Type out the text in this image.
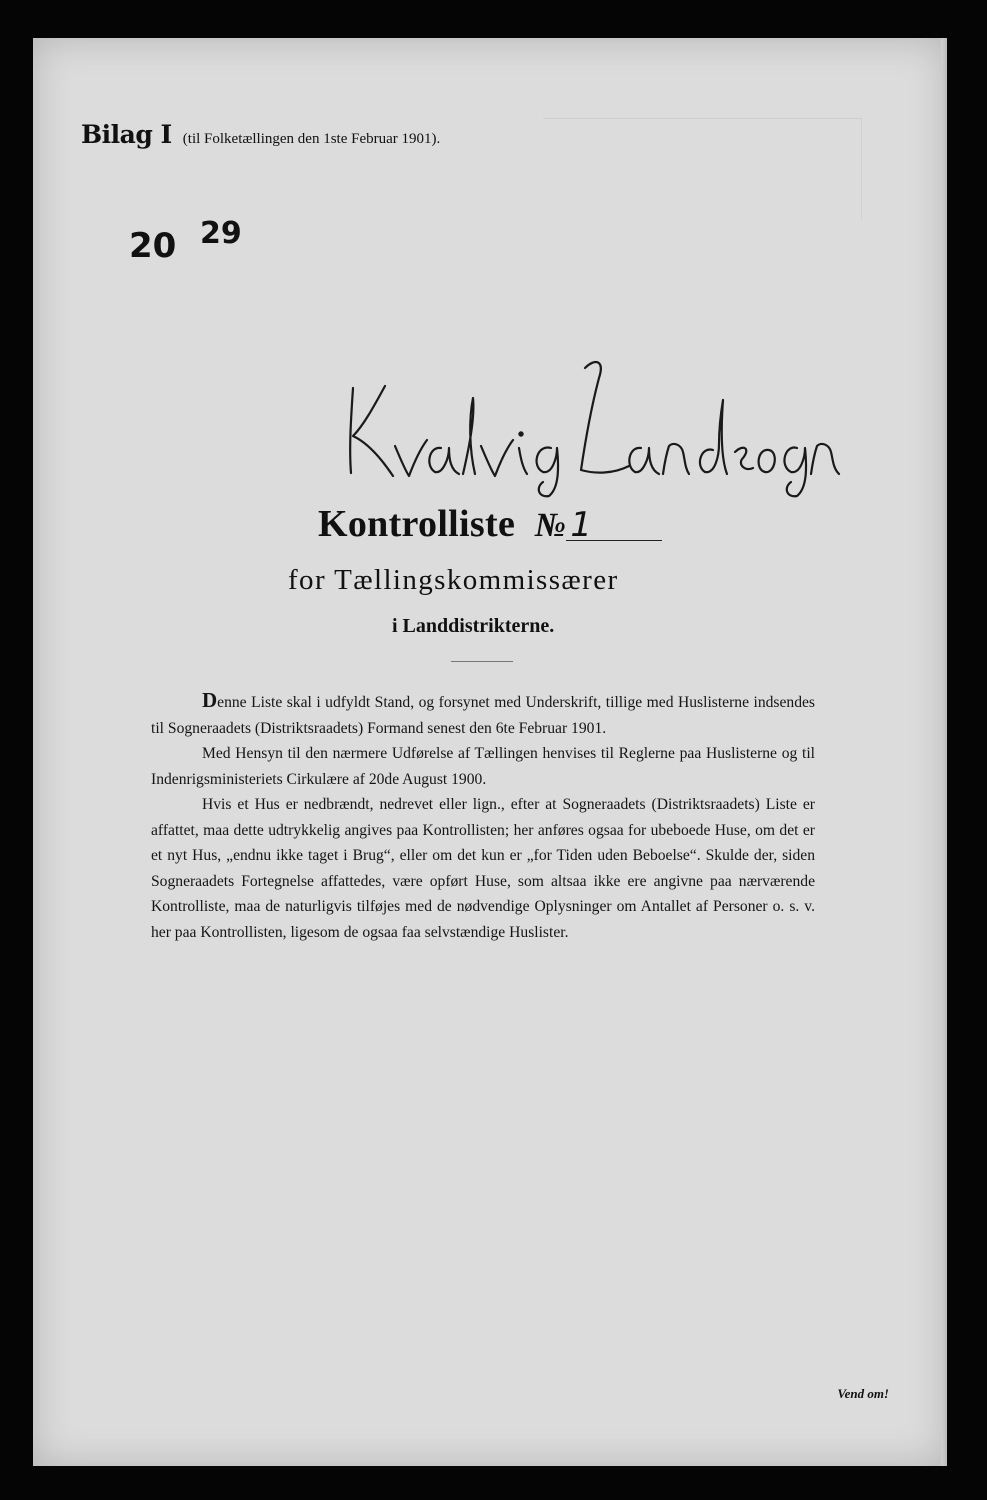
Bilag I (til Folketællingen den 1ste Februar 1901).
20 29
Kontrolliste № 1
for Tællingskommissærer
i Landdistrikterne.

Denne Liste skal i udfyldt Stand, og forsynet med Underskrift, tillige med Huslisterne indsendes til Sogneraadets (Distriktsraadets) Formand senest den 6te Februar 1901.

Med Hensyn til den nærmere Udførelse af Tællingen henvises til Reglerne paa Huslisterne og til Indenrigsministeriets Cirkulære af 20de August 1900.

Hvis et Hus er nedbrændt, nedrevet eller lign., efter at Sogneraadets (Distriktsraadets) Liste er affattet, maa dette udtrykkelig angives paa Kontrollisten; her anføres ogsaa for ubeboede Huse, om det er et nyt Hus, „endnu ikke taget i Brug“, eller om det kun er „for Tiden uden Beboelse“. Skulde der, siden Sogneraadets Fortegnelse affattedes, være opført Huse, som altsaa ikke ere angivne paa nærværende Kontrolliste, maa de naturligvis tilføjes med de nødvendige Oplysninger om Antallet af Personer o. s. v. her paa Kontrollisten, ligesom de ogsaa faa selvstændige Huslister.

Vend om!
